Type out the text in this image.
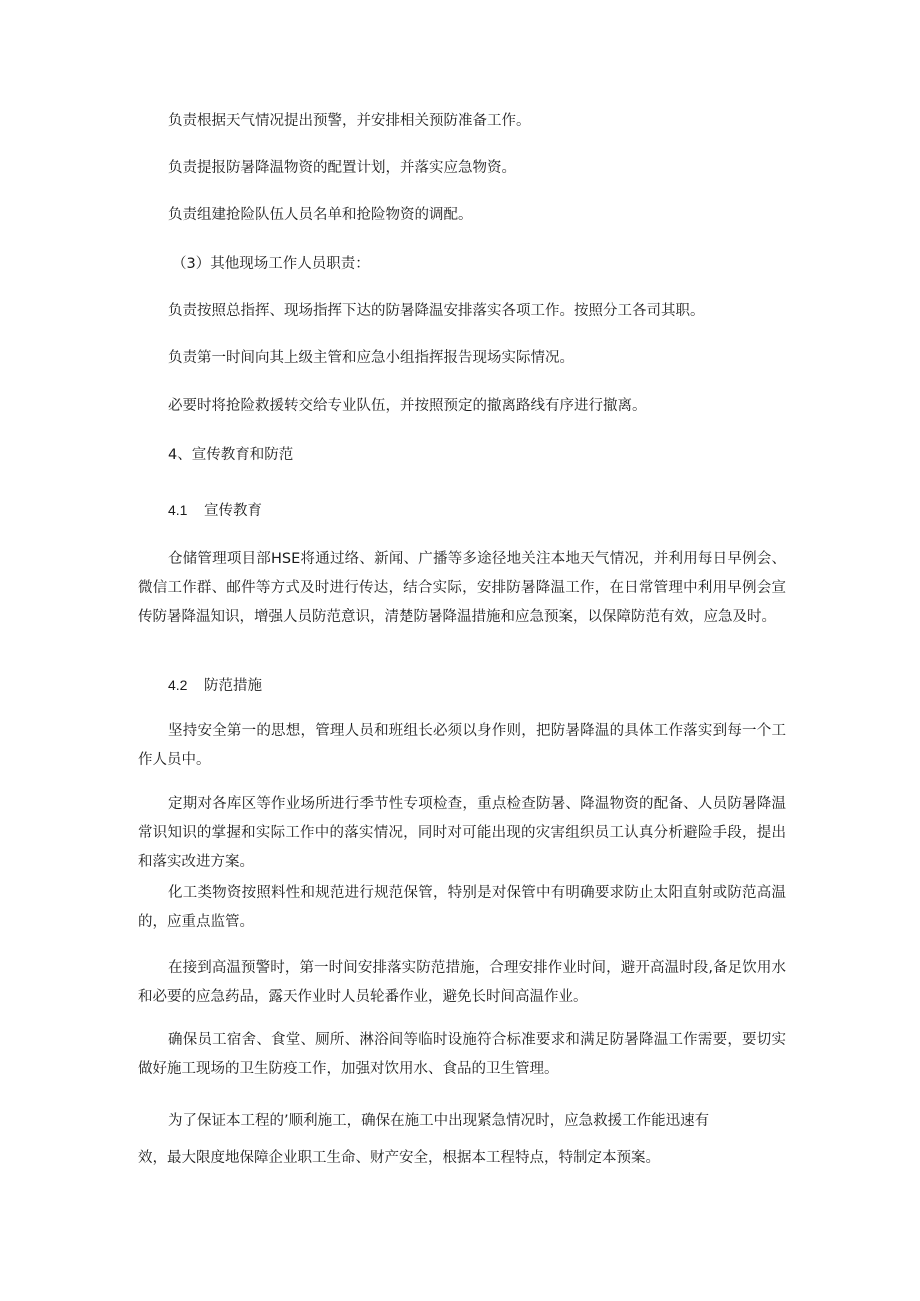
负责根据天气情况提出预警，并安排相关预防准备工作。

负责提报防暑降温物资的配置计划，并落实应急物资。

负责组建抢险队伍人员名单和抢险物资的调配。

（3）其他现场工作人员职责：

负责按照总指挥、现场指挥下达的防暑降温安排落实各项工作。按照分工各司其职。

负责第一时间向其上级主管和应急小组指挥报告现场实际情况。

必要时将抢险救援转交给专业队伍，并按照预定的撤离路线有序进行撤离。

4、宣传教育和防范

4.1 宣传教育

仓储管理项目部HSE将通过络、新闻、广播等多途径地关注本地天气情况，并利用每日早例会、微信工作群、邮件等方式及时进行传达，结合实际，安排防暑降温工作，在日常管理中利用早例会宣传防暑降温知识，增强人员防范意识，清楚防暑降温措施和应急预案，以保障防范有效，应急及时。

4.2 防范措施

坚持安全第一的思想，管理人员和班组长必须以身作则，把防暑降温的具体工作落实到每一个工作人员中。

定期对各库区等作业场所进行季节性专项检查，重点检查防暑、降温物资的配备、人员防暑降温常识知识的掌握和实际工作中的落实情况，同时对可能出现的灾害组织员工认真分析避险手段，提出和落实改进方案。

化工类物资按照料性和规范进行规范保管，特别是对保管中有明确要求防止太阳直射或防范高温的，应重点监管。

在接到高温预警时，第一时间安排落实防范措施，合理安排作业时间，避开高温时段,备足饮用水和必要的应急药品，露天作业时人员轮番作业，避免长时间高温作业。

确保员工宿舍、食堂、厕所、淋浴间等临时设施符合标准要求和满足防暑降温工作需要，要切实做好施工现场的卫生防疫工作，加强对饮用水、食品的卫生管理。

为了保证本工程的’顺利施工，确保在施工中出现紧急情况时，应急救援工作能迅速有

效，最大限度地保障企业职工生命、财产安全，根据本工程特点，特制定本预案。
